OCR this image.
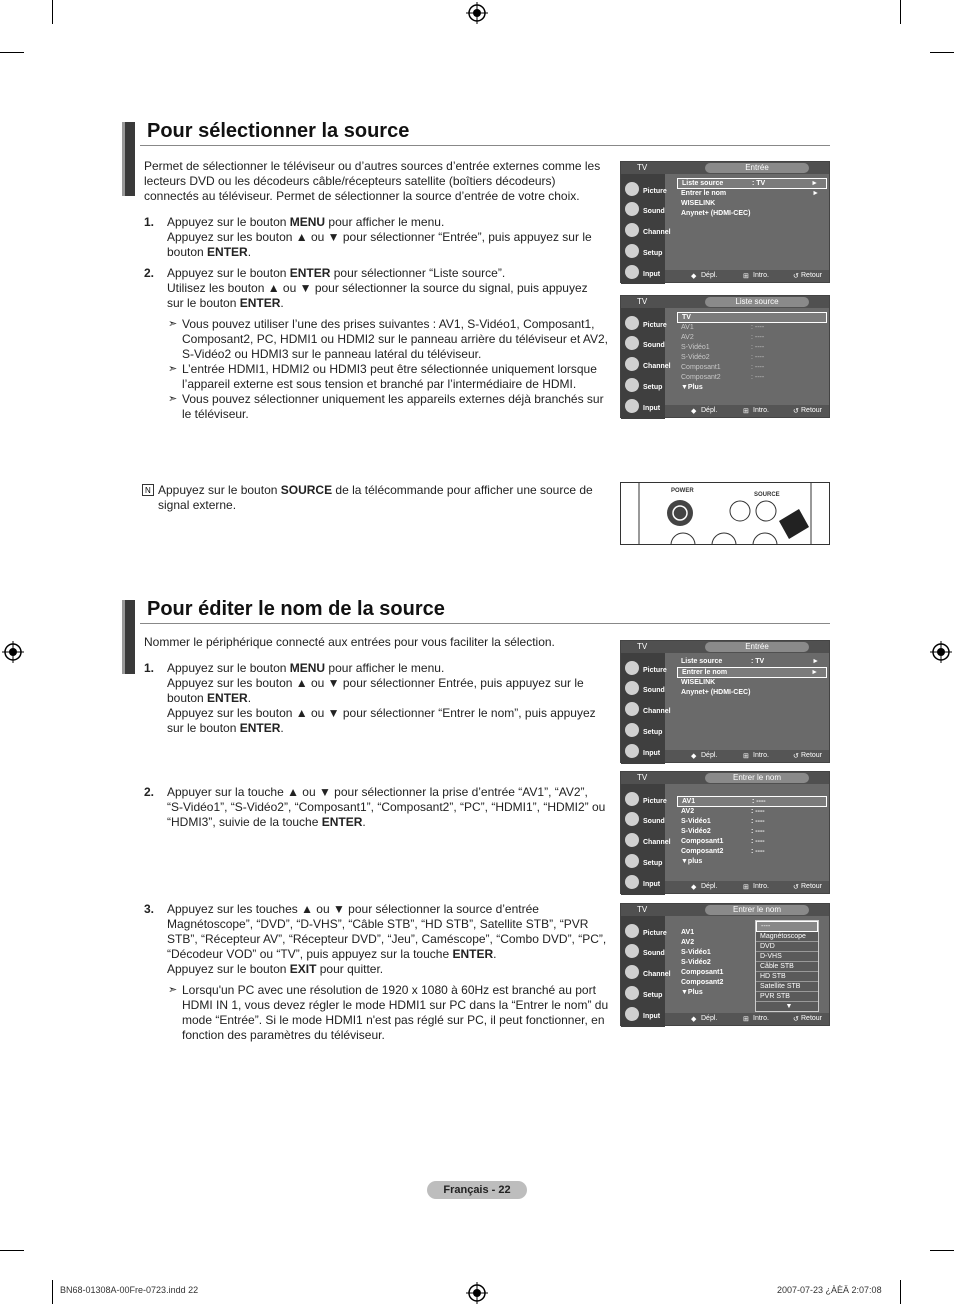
Pour sélectionner la source
Permet de sélectionner le téléviseur ou d’autres sources d’entrée externes comme les lecteurs DVD ou les décodeurs câble/récepteurs satellite (boîtiers décodeurs) connectés au téléviseur. Permet de sélectionner la source d’entrée de votre choix.
1. Appuyez sur le bouton MENU pour afficher le menu.
Appuyez sur les bouton ▲ ou ▼ pour sélectionner “Entrée”, puis appuyez sur le
bouton ENTER.
2. Appuyez sur le bouton ENTER pour sélectionner “Liste source”.
Utilisez les bouton ▲ ou ▼ pour sélectionner la source du signal, puis appuyez
sur le bouton ENTER.
➣ Vous pouvez utiliser l’une des prises suivantes : AV1, S-Vidéo1, Composant1, Composant2, PC, HDMI1 ou HDMI2 sur le panneau arrière du téléviseur et AV2, S-Vidéo2 ou HDMI3 sur le panneau latéral du téléviseur.
➣ L’entrée HDMI1, HDMI2 ou HDMI3 peut être sélectionnée uniquement lorsque l’appareil externe est sous tension et branché par l’intermédiaire de HDMI.
➣ Vous pouvez sélectionner uniquement les appareils externes déjà branchés sur le téléviseur.
N Appuyez sur le bouton SOURCE de la télécommande pour afficher une source de signal externe.
TV	Entrée
Picture
Sound
Channel
Setup
Input
Liste source	: TV	►
Entrer le nom	►
WISELINK
Anynet+ (HDMI-CEC)
◆ Dépl.	⊞ Intro.	↺ Retour
TV	Liste source
Picture
Sound
Channel
Setup
Input
TV
AV1	: ----
AV2	: ----
S-Vidéo1	: ----
S-Vidéo2	: ----
Composant1	: ----
Composant2	: ----
▼Plus
◆ Dépl.	⊞ Intro.	↺ Retour
POWER
SOURCE
Pour éditer le nom de la source
Nommer le périphérique connecté aux entrées pour vous faciliter la sélection.
1. Appuyez sur le bouton MENU pour afficher le menu.
Appuyez sur les bouton ▲ ou ▼ pour sélectionner Entrée, puis appuyez sur le
bouton ENTER.
Appuyez sur les bouton ▲ ou ▼ pour sélectionner “Entrer le nom”, puis appuyez
sur le bouton ENTER.
2. Appuyer sur la touche ▲ ou ▼ pour sélectionner la prise d’entrée “AV1”, “AV2”,
“S-Vidéo1”, “S-Vidéo2”, “Composant1”, “Composant2”, “PC”, “HDMI1”, “HDMI2” ou
“HDMI3”, suivie de la touche ENTER.
3. Appuyez sur les touches ▲ ou ▼ pour sélectionner la source d’entrée
Magnétoscope”, “DVD”, “D-VHS”, “Câble STB”, “HD STB”, Satellite STB”, “PVR
STB”, “Récepteur AV”, “Récepteur DVD”, “Jeu”, Caméscope”, “Combo DVD”, “PC”,
“Décodeur VOD” ou “TV”, puis appuyez sur la touche ENTER.
Appuyez sur le bouton EXIT pour quitter.
➣ Lorsqu'un PC avec une résolution de 1920 x 1080 à 60Hz est branché au port HDMI IN 1, vous devez régler le mode HDMI1 sur PC dans la “Entrer le nom” du mode “Entrée”. Si le mode HDMI1 n'est pas réglé sur PC, il peut fonctionner, en fonction des paramètres du téléviseur.
TV	Entrée
Picture
Sound
Channel
Setup
Input
Liste source	: TV	►
Entrer le nom	►
WISELINK
Anynet+ (HDMI-CEC)
◆ Dépl.	⊞ Intro.	↺ Retour
TV	Entrer le nom
Picture
Sound
Channel
Setup
Input
AV1	: ----
AV2	: ----
S-Vidéo1	: ----
S-Vidéo2	: ----
Composant1	: ----
Composant2	: ----
▼plus
◆ Dépl.	⊞ Intro.	↺ Retour
TV	Entrer le nom
Picture
Sound
Channel
Setup
Input
AV1
AV2
S-Vidéo1
S-Vidéo2
Composant1
Composant2
▼Plus
----
Magnétoscope
DVD
D-VHS
Câble STB
HD STB
Satellite STB
PVR STB
▼
◆ Dépl.	⊞ Intro.	↺ Retour
Français - 22
BN68-01308A-00Fre-0723.indd 22	2007-07-23 ¿ÀÈÄ 2:07:08
